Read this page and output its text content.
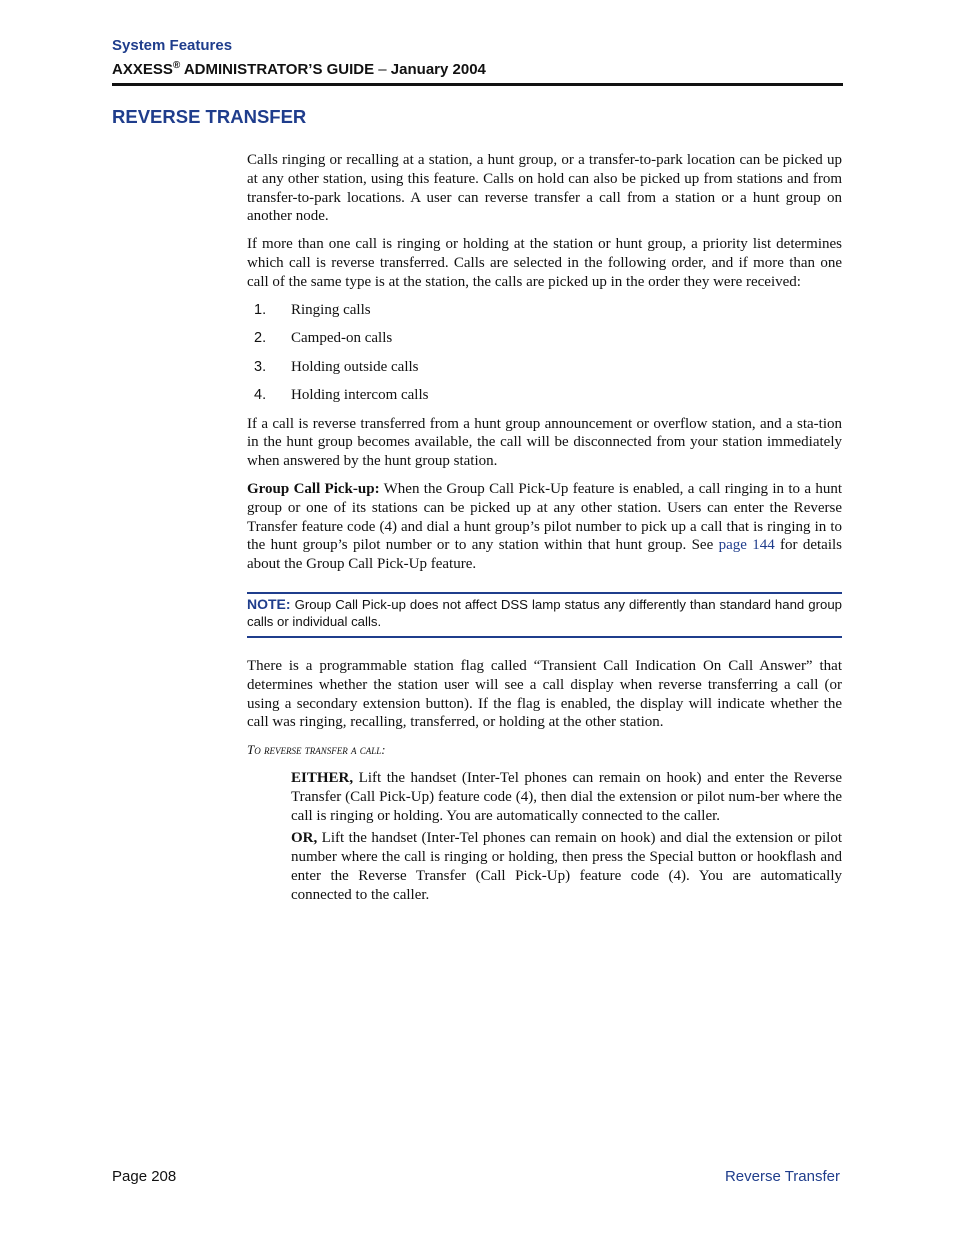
System Features
AXXESS® ADMINISTRATOR’S GUIDE – January 2004
REVERSE TRANSFER

Calls ringing or recalling at a station, a hunt group, or a transfer-to-park location can be picked up at any other station, using this feature. Calls on hold can also be picked up from stations and from transfer-to-park locations. A user can reverse transfer a call from a station or a hunt group on another node.

If more than one call is ringing or holding at the station or hunt group, a priority list determines which call is reverse transferred. Calls are selected in the following order, and if more than one call of the same type is at the station, the calls are picked up in the order they were received:

1. Ringing calls
2. Camped-on calls
3. Holding outside calls
4. Holding intercom calls

If a call is reverse transferred from a hunt group announcement or overflow station, and a sta-tion in the hunt group becomes available, the call will be disconnected from your station immediately when answered by the hunt group station.

Group Call Pick-up: When the Group Call Pick-Up feature is enabled, a call ringing in to a hunt group or one of its stations can be picked up at any other station. Users can enter the Reverse Transfer feature code (4) and dial a hunt group’s pilot number to pick up a call that is ringing in to the hunt group’s pilot number or to any station within that hunt group. See page 144 for details about the Group Call Pick-Up feature.

NOTE: Group Call Pick-up does not affect DSS lamp status any differently than standard hand group calls or individual calls.

There is a programmable station flag called “Transient Call Indication On Call Answer” that determines whether the station user will see a call display when reverse transferring a call (or using a secondary extension button). If the flag is enabled, the display will indicate whether the call was ringing, recalling, transferred, or holding at the other station.

To reverse transfer a call:

EITHER, Lift the handset (Inter-Tel phones can remain on hook) and enter the Reverse Transfer (Call Pick-Up) feature code (4), then dial the extension or pilot num-ber where the call is ringing or holding. You are automatically connected to the caller.

OR, Lift the handset (Inter-Tel phones can remain on hook) and dial the extension or pilot number where the call is ringing or holding, then press the Special button or hookflash and enter the Reverse Transfer (Call Pick-Up) feature code (4). You are automatically connected to the caller.

Page 208	Reverse Transfer
